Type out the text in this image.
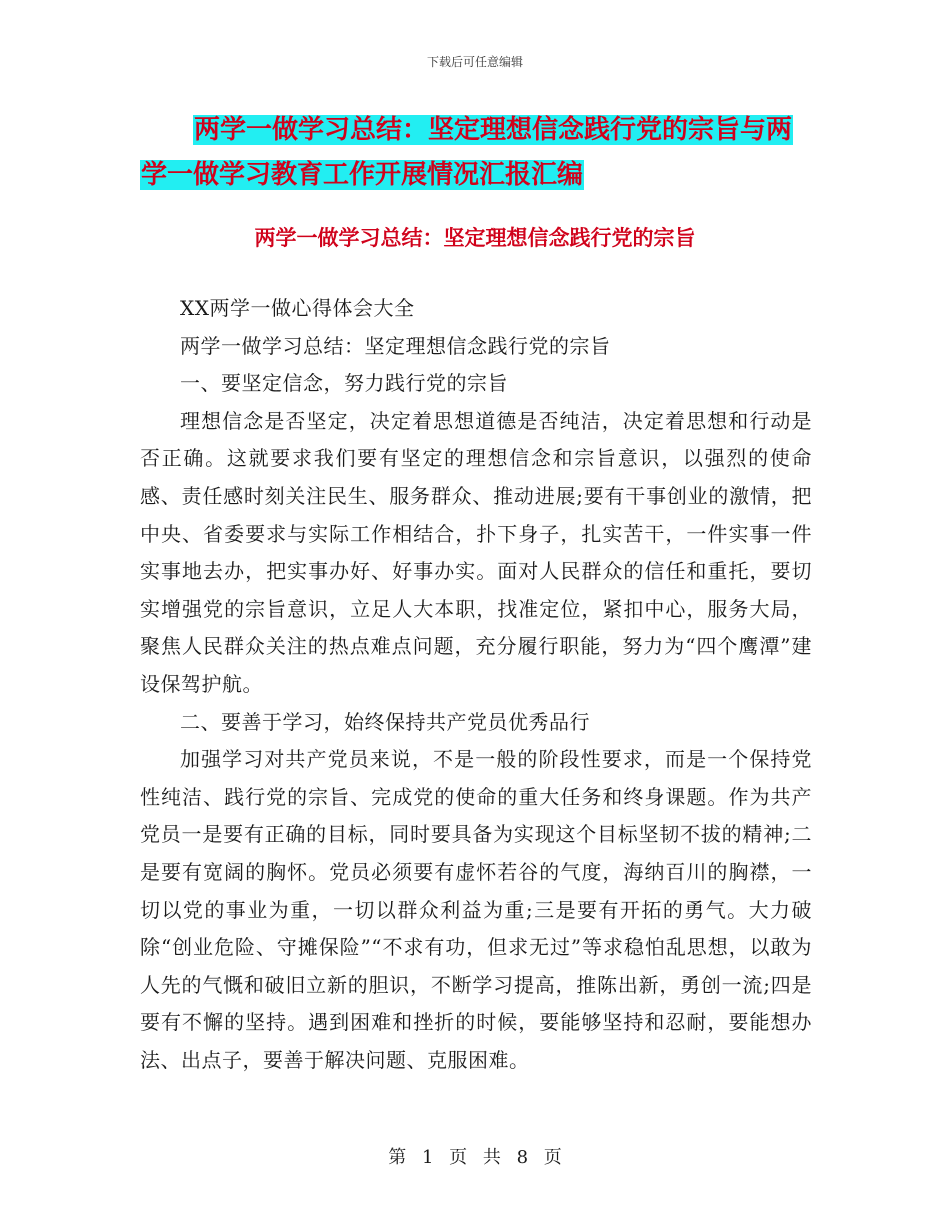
下载后可任意编辑
两学一做学习总结：坚定理想信念践行党的宗旨与两
学一做学习教育工作开展情况汇报汇编
两学一做学习总结：坚定理想信念践行党的宗旨

XX两学一做心得体会大全

两学一做学习总结：坚定理想信念践行党的宗旨

一、要坚定信念，努力践行党的宗旨

理想信念是否坚定，决定着思想道德是否纯洁，决定着思想和行动是否正确。这就要求我们要有坚定的理想信念和宗旨意识，以强烈的使命感、责任感时刻关注民生、服务群众、推动进展;要有干事创业的激情，把中央、省委要求与实际工作相结合，扑下身子，扎实苦干，一件实事一件实事地去办，把实事办好、好事办实。面对人民群众的信任和重托，要切实增强党的宗旨意识，立足人大本职，找准定位，紧扣中心，服务大局，聚焦人民群众关注的热点难点问题，充分履行职能，努力为“四个鹰潭”建设保驾护航。

二、要善于学习，始终保持共产党员优秀品行

加强学习对共产党员来说，不是一般的阶段性要求，而是一个保持党性纯洁、践行党的宗旨、完成党的使命的重大任务和终身课题。作为共产党员一是要有正确的目标，同时要具备为实现这个目标坚韧不拔的精神;二是要有宽阔的胸怀。党员必须要有虚怀若谷的气度，海纳百川的胸襟，一切以党的事业为重，一切以群众利益为重;三是要有开拓的勇气。大力破除“创业危险、守摊保险”“不求有功，但求无过”等求稳怕乱思想，以敢为人先的气慨和破旧立新的胆识，不断学习提高，推陈出新，勇创一流;四是要有不懈的坚持。遇到困难和挫折的时候，要能够坚持和忍耐，要能想办法、出点子，要善于解决问题、克服困难。

第 1 页 共 8 页
